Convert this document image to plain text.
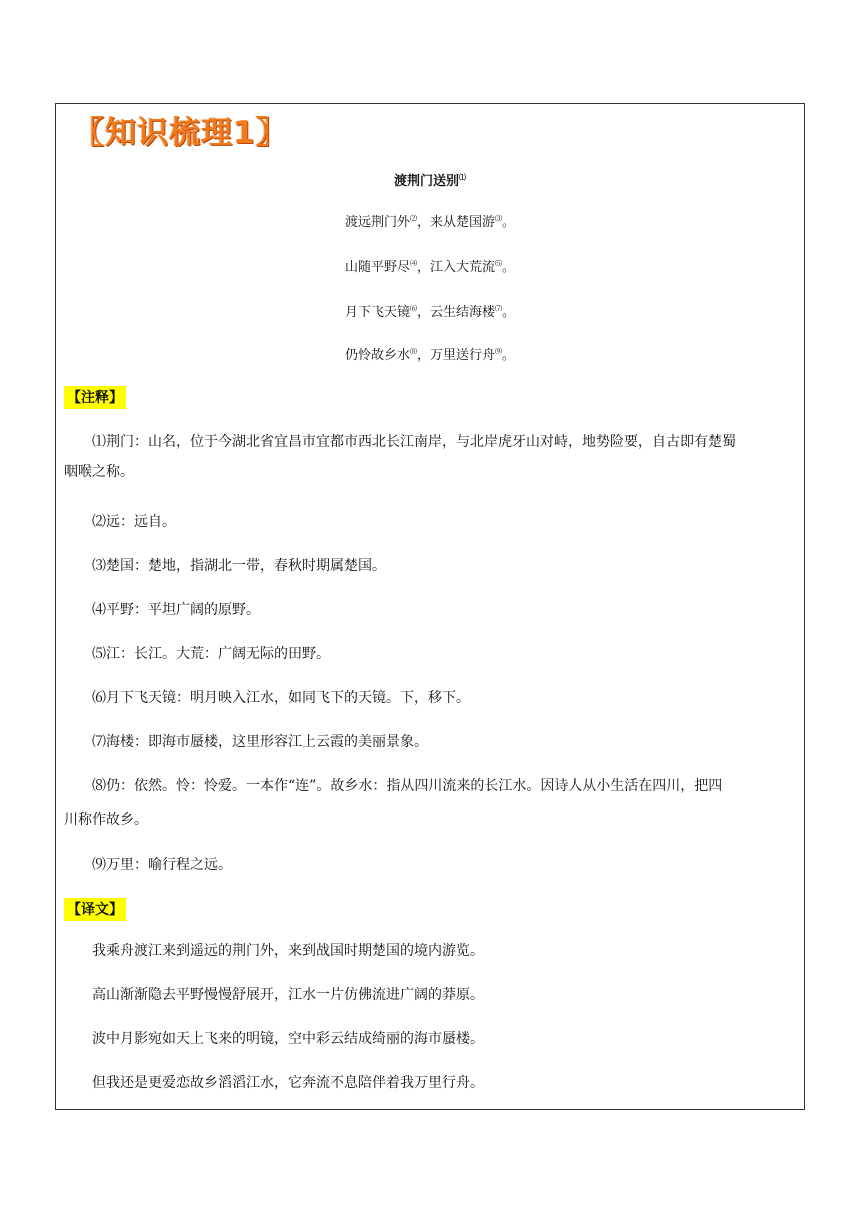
〖知识梳理1〗
渡荆门送别⑴
渡远荆门外⑵，来从楚国游⑶。
山随平野尽⑷，江入大荒流⑸。
月下飞天镜⑹，云生结海楼⑺。
仍怜故乡水⑻，万里送行舟⑼。
【注释】
⑴荆门：山名，位于今湖北省宜昌市宜都市西北长江南岸，与北岸虎牙山对峙，地势险要，自古即有楚蜀
咽喉之称。
⑵远：远自。
⑶楚国：楚地，指湖北一带，春秋时期属楚国。
⑷平野：平坦广阔的原野。
⑸江：长江。大荒：广阔无际的田野。
⑹月下飞天镜：明月映入江水，如同飞下的天镜。下，移下。
⑺海楼：即海市蜃楼，这里形容江上云霞的美丽景象。
⑻仍：依然。怜：怜爱。一本作“连”。故乡水：指从四川流来的长江水。因诗人从小生活在四川，把四
川称作故乡。
⑼万里：喻行程之远。
【译文】
我乘舟渡江来到遥远的荆门外，来到战国时期楚国的境内游览。
高山渐渐隐去平野慢慢舒展开，江水一片仿佛流进广阔的莽原。
波中月影宛如天上飞来的明镜，空中彩云结成绮丽的海市蜃楼。
但我还是更爱恋故乡滔滔江水，它奔流不息陪伴着我万里行舟。
